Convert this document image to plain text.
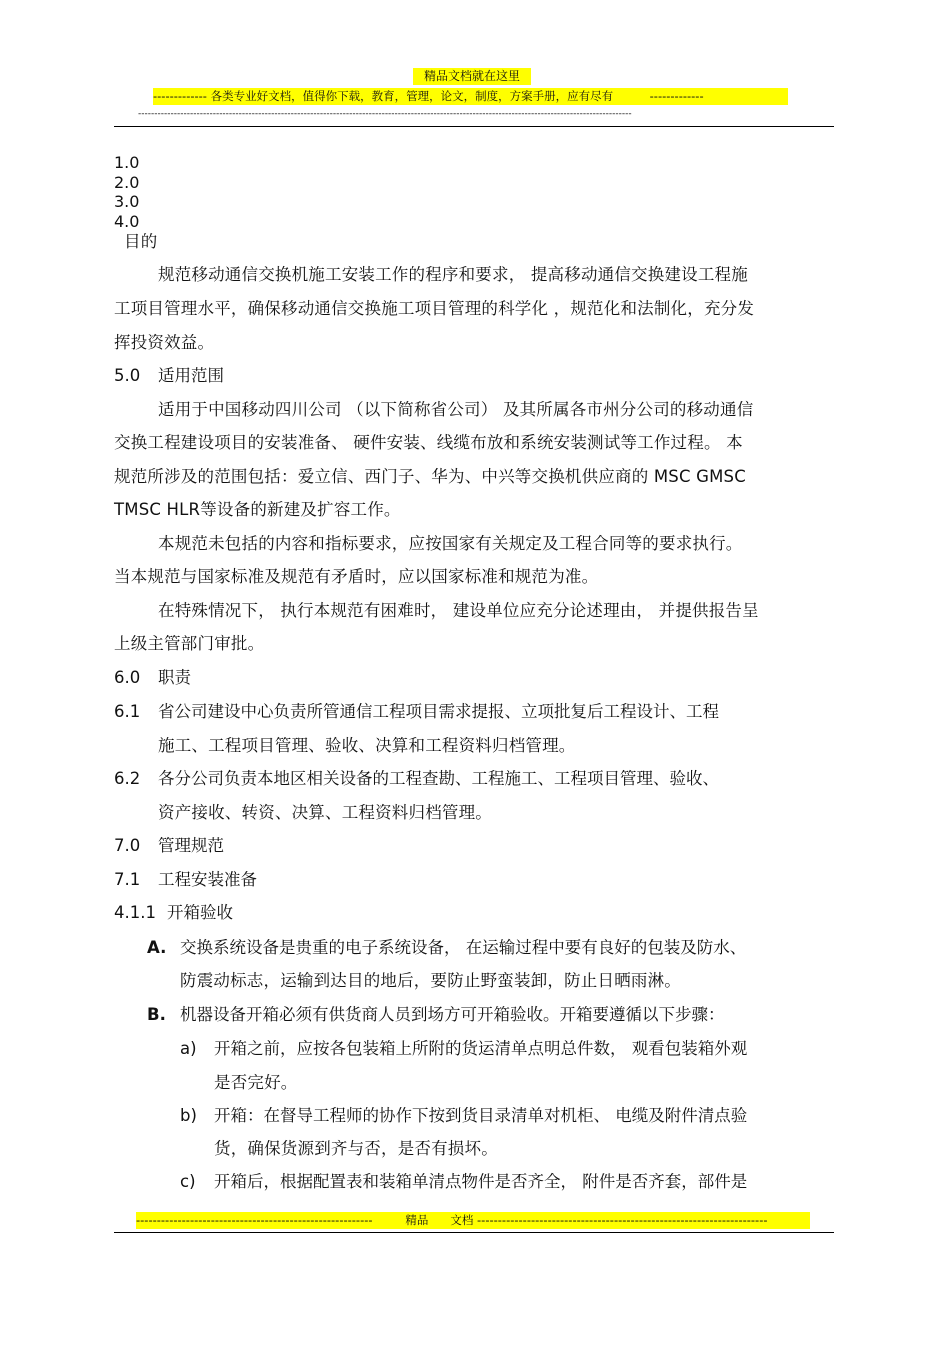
精品文档就在这里
------------- 各类专业好文档，值得你下载，教育，管理，论文，制度，方案手册，应有尽有          -------------
--------------------------------------------------------------------------------------------------------------------------------------------------------
1.0
2.0
3.0
4.0
目的
规范移动通信交换机施工安装工作的程序和要求， 提高移动通信交换建设工程施
工项目管理水平，确保移动通信交换施工项目管理的科学化 ，规范化和法制化，充分发
挥投资效益。
5.0 适用范围
适用于中国移动四川公司 （以下简称省公司） 及其所属各市州分公司的移动通信
交换工程建设项目的安装准备、 硬件安装、线缆布放和系统安装测试等工作过程。 本
规范所涉及的范围包括：爱立信、西门子、华为、中兴等交换机供应商的 MSC GMSC
TMSC HLR等设备的新建及扩容工作。
本规范未包括的内容和指标要求，应按国家有关规定及工程合同等的要求执行。
当本规范与国家标准及规范有矛盾时，应以国家标准和规范为准。
在特殊情况下， 执行本规范有困难时， 建设单位应充分论述理由， 并提供报告呈
上级主管部门审批。
6.0 职责
6.1 省公司建设中心负责所管通信工程项目需求提报、立项批复后工程设计、工程
施工、工程项目管理、验收、决算和工程资料归档管理。
6.2 各分公司负责本地区相关设备的工程查勘、工程施工、工程项目管理、验收、
资产接收、转资、决算、工程资料归档管理。
7.0 管理规范
7.1 工程安装准备
4.1.1 开箱验收
A. 交换系统设备是贵重的电子系统设备， 在运输过程中要有良好的包装及防水、
防震动标志，运输到达目的地后，要防止野蛮装卸，防止日晒雨淋。
B. 机器设备开箱必须有供货商人员到场方可开箱验收。开箱要遵循以下步骤：
a) 开箱之前，应按各包装箱上所附的货运清单点明总件数， 观看包装箱外观
是否完好。
b) 开箱：在督导工程师的协作下按到货目录清单对机柜、 电缆及附件清点验
货，确保货源到齐与否，是否有损坏。
c) 开箱后，根据配置表和装箱单清点物件是否齐全， 附件是否齐套，部件是
---------------------------------------------------------         精品      文档 ----------------------------------------------------------------------
